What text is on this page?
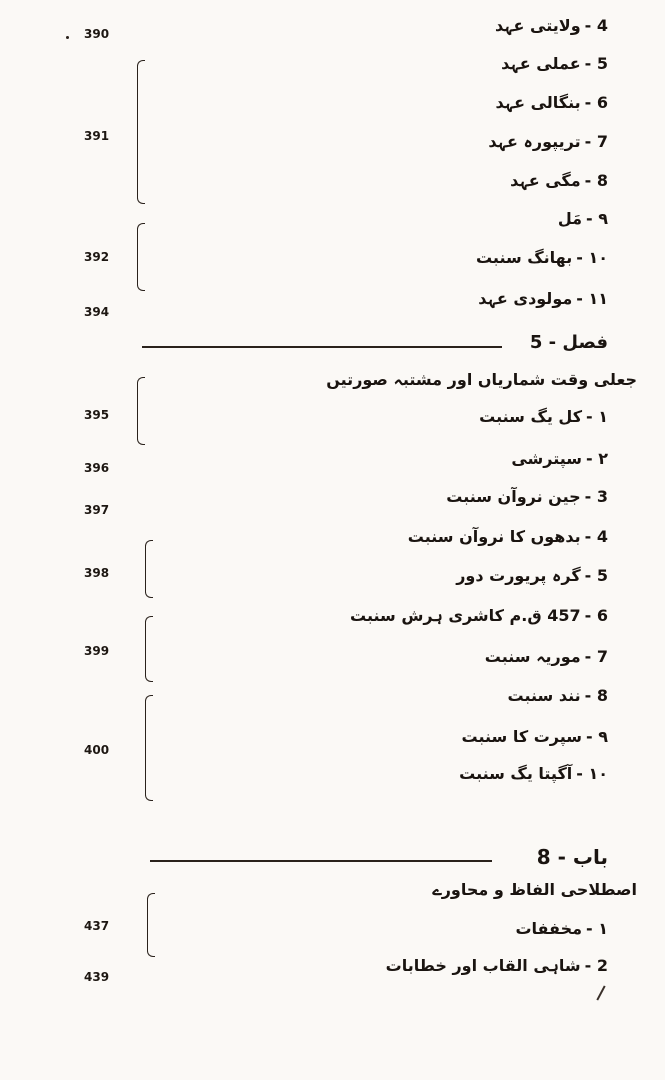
390
391
392
394
395
396
397
398
399
400
437
439
4 -ولایتی عہد
5 -عملی عہد
6 -بنگالی عہد
7 -تریپورہ عہد
8 -مگی عہد
۹ -مَل
۱۰ -بھانگ سنبت
۱۱ -مولودی عہد
فصل - 5
جعلی وقت شماریاں اور مشتبہ صورتیں
۱ -کل یگ سنبت
۲ -سپترشی
3 -جین نروآن سنبت
4 -بدھوں کا نروآن سنبت
5 -گرہ پریورت دور
6 -457 ق.م کاشری ہرش سنبت
7 -موریہ سنبت
8 -نند سنبت
۹ -سپرت کا سنبت
۱۰ -آگپتا یگ سنبت
باب - 8
اصطلاحی الفاظ و محاورے
۱ -مخففات
2 -شاہی القاب اور خطابات
